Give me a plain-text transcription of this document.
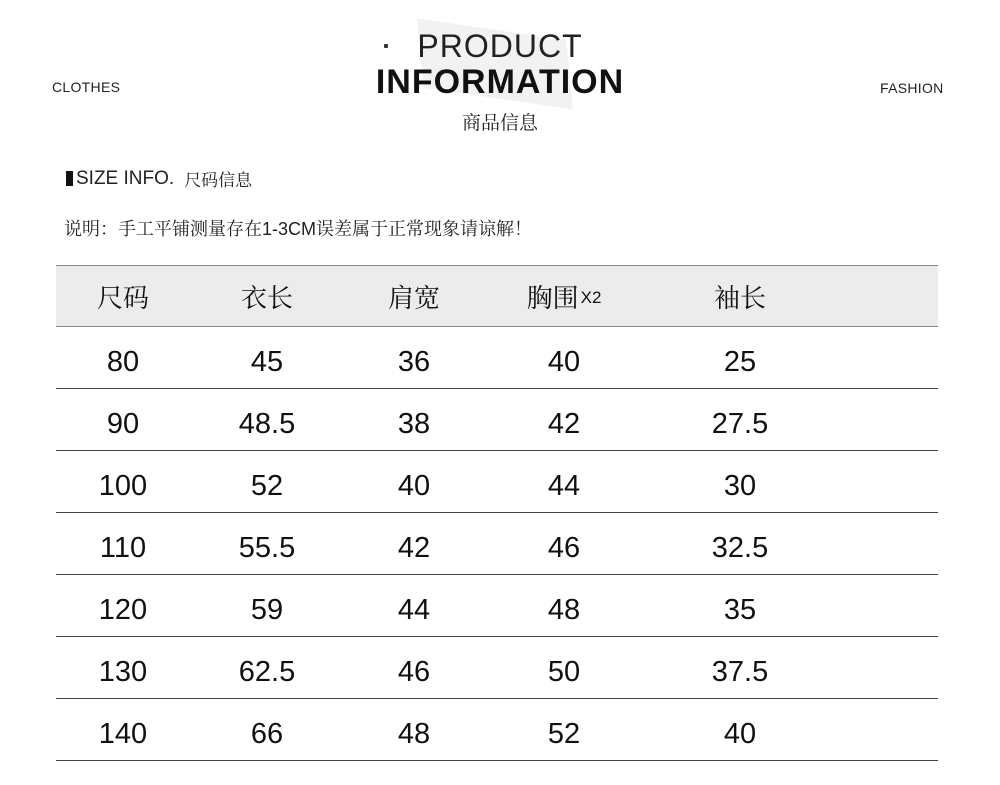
CLOTHES	FASHION
PRODUCT
INFORMATION
商品信息
SIZE INFO. 尺码信息
说明：手工平铺测量存在1-3CM误差属于正常现象请谅解！
尺码	衣长	肩宽	胸围 X2	袖长
80	45	36	40	25
90	48.5	38	42	27.5
100	52	40	44	30
110	55.5	42	46	32.5
120	59	44	48	35
130	62.5	46	50	37.5
140	66	48	52	40
